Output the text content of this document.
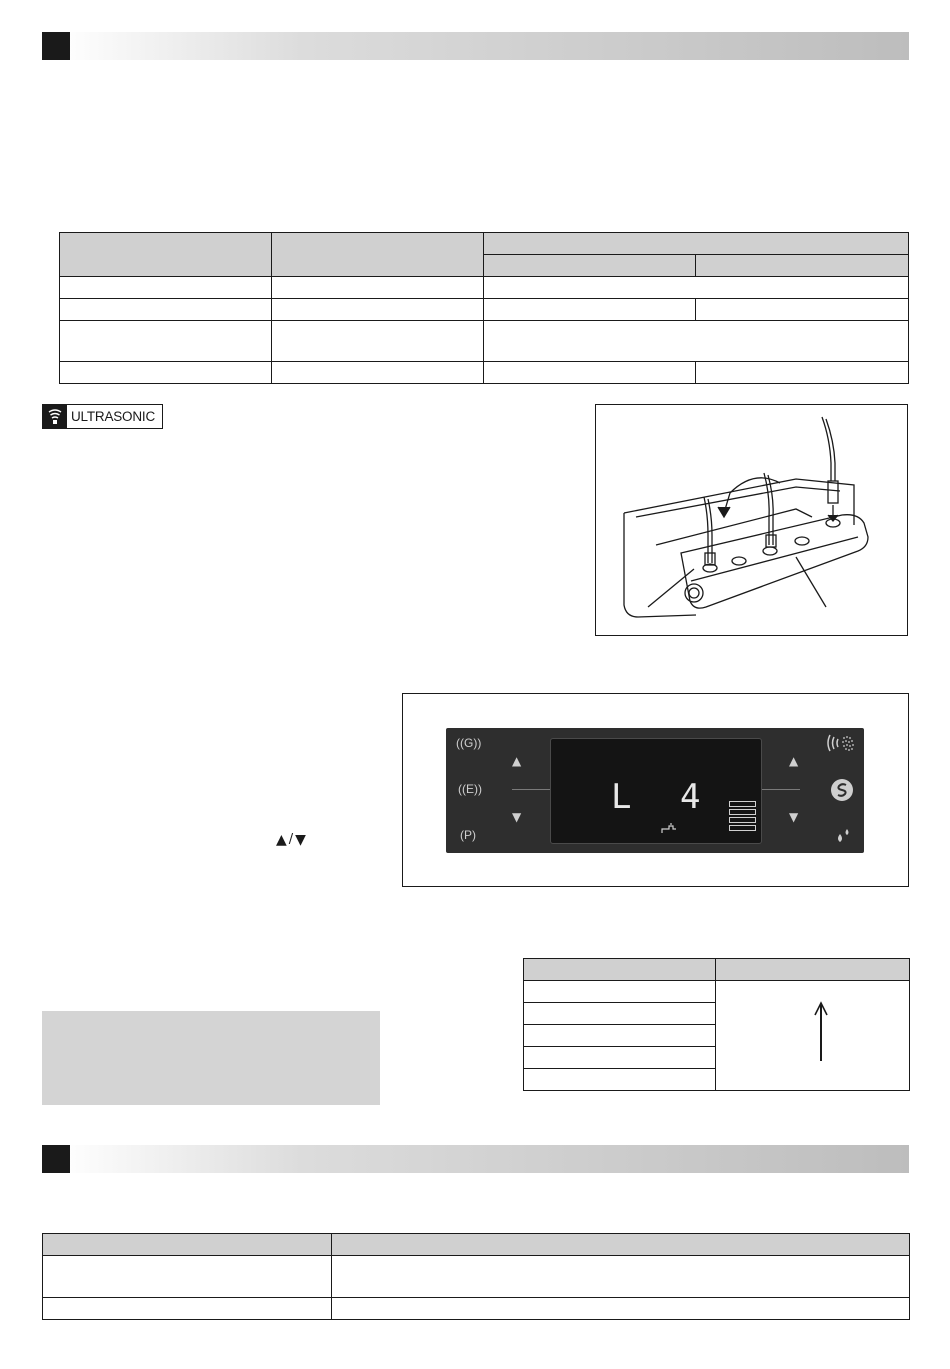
ULTRASONIC
((G))
((E))
(P)
▲
▼	L 4
▲
▼
▲ / ▼
